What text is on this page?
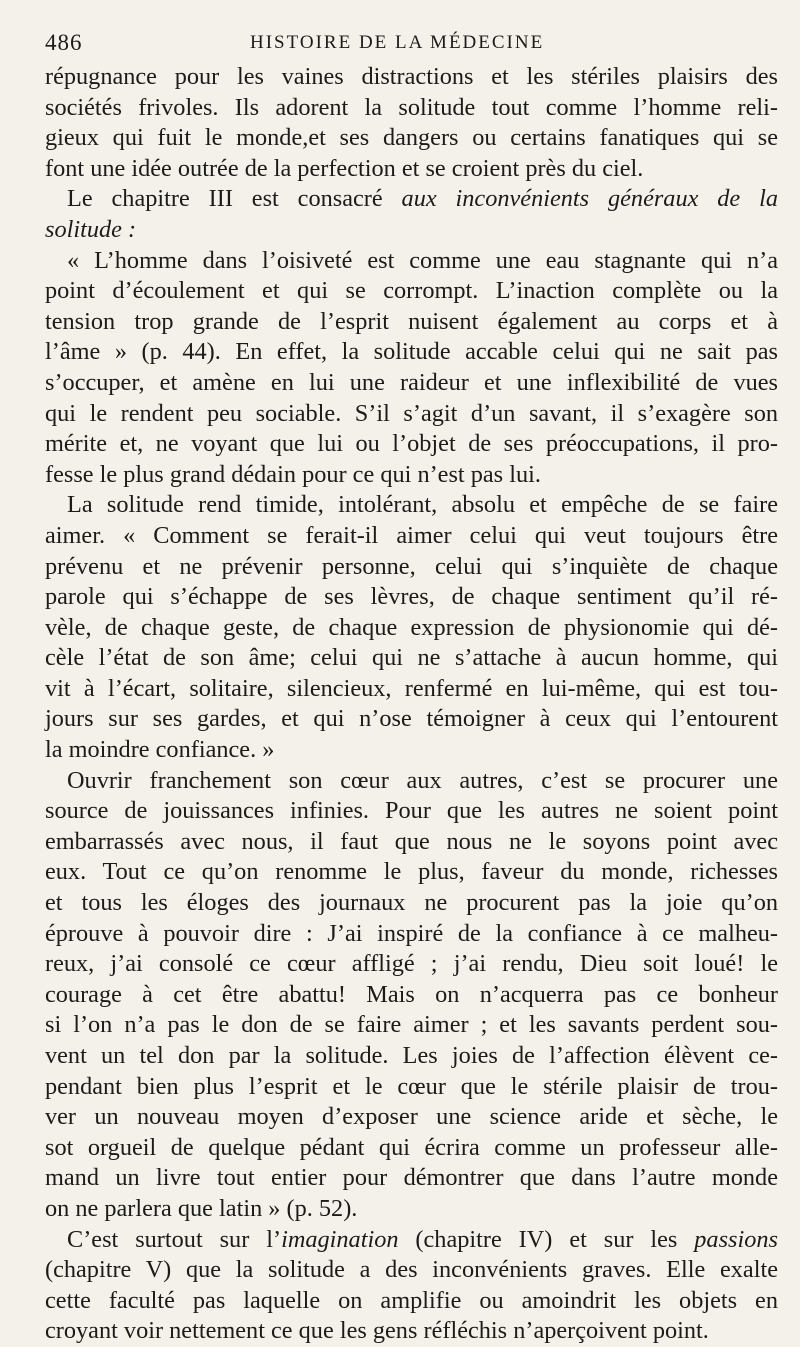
486	HISTOIRE DE LA MÉDECINE
répugnance pour les vaines distractions et les stériles plaisirs des
sociétés frivoles. Ils adorent la solitude tout comme l’homme reli-
gieux qui fuit le monde,et ses dangers ou certains fanatiques qui se
font une idée outrée de la perfection et se croient près du ciel.
Le chapitre III est consacré aux inconvénients généraux de la
solitude :
« L’homme dans l’oisiveté est comme une eau stagnante qui n’a
point d’écoulement et qui se corrompt. L’inaction complète ou la
tension trop grande de l’esprit nuisent également au corps et à
l’âme » (p. 44). En effet, la solitude accable celui qui ne sait pas
s’occuper, et amène en lui une raideur et une inflexibilité de vues
qui le rendent peu sociable. S’il s’agit d’un savant, il s’exagère son
mérite et, ne voyant que lui ou l’objet de ses préoccupations, il pro-
fesse le plus grand dédain pour ce qui n’est pas lui.
La solitude rend timide, intolérant, absolu et empêche de se faire
aimer. « Comment se ferait-il aimer celui qui veut toujours être
prévenu et ne prévenir personne, celui qui s’inquiète de chaque
parole qui s’échappe de ses lèvres, de chaque sentiment qu’il ré-
vèle, de chaque geste, de chaque expression de physionomie qui dé-
cèle l’état de son âme; celui qui ne s’attache à aucun homme, qui
vit à l’écart, solitaire, silencieux, renfermé en lui-même, qui est tou-
jours sur ses gardes, et qui n’ose témoigner à ceux qui l’entourent
la moindre confiance. »
Ouvrir franchement son cœur aux autres, c’est se procurer une
source de jouissances infinies. Pour que les autres ne soient point
embarrassés avec nous, il faut que nous ne le soyons point avec
eux. Tout ce qu’on renomme le plus, faveur du monde, richesses
et tous les éloges des journaux ne procurent pas la joie qu’on
éprouve à pouvoir dire : J’ai inspiré de la confiance à ce malheu-
reux, j’ai consolé ce cœur affligé ; j’ai rendu, Dieu soit loué! le
courage à cet être abattu! Mais on n’acquerra pas ce bonheur
si l’on n’a pas le don de se faire aimer ; et les savants perdent sou-
vent un tel don par la solitude. Les joies de l’affection élèvent ce-
pendant bien plus l’esprit et le cœur que le stérile plaisir de trou-
ver un nouveau moyen d’exposer une science aride et sèche, le
sot orgueil de quelque pédant qui écrira comme un professeur alle-
mand un livre tout entier pour démontrer que dans l’autre monde
on ne parlera que latin » (p. 52).
C’est surtout sur l’imagination (chapitre IV) et sur les passions
(chapitre V) que la solitude a des inconvénients graves. Elle exalte
cette faculté pas laquelle on amplifie ou amoindrit les objets en
croyant voir nettement ce que les gens réfléchis n’aperçoivent point.
